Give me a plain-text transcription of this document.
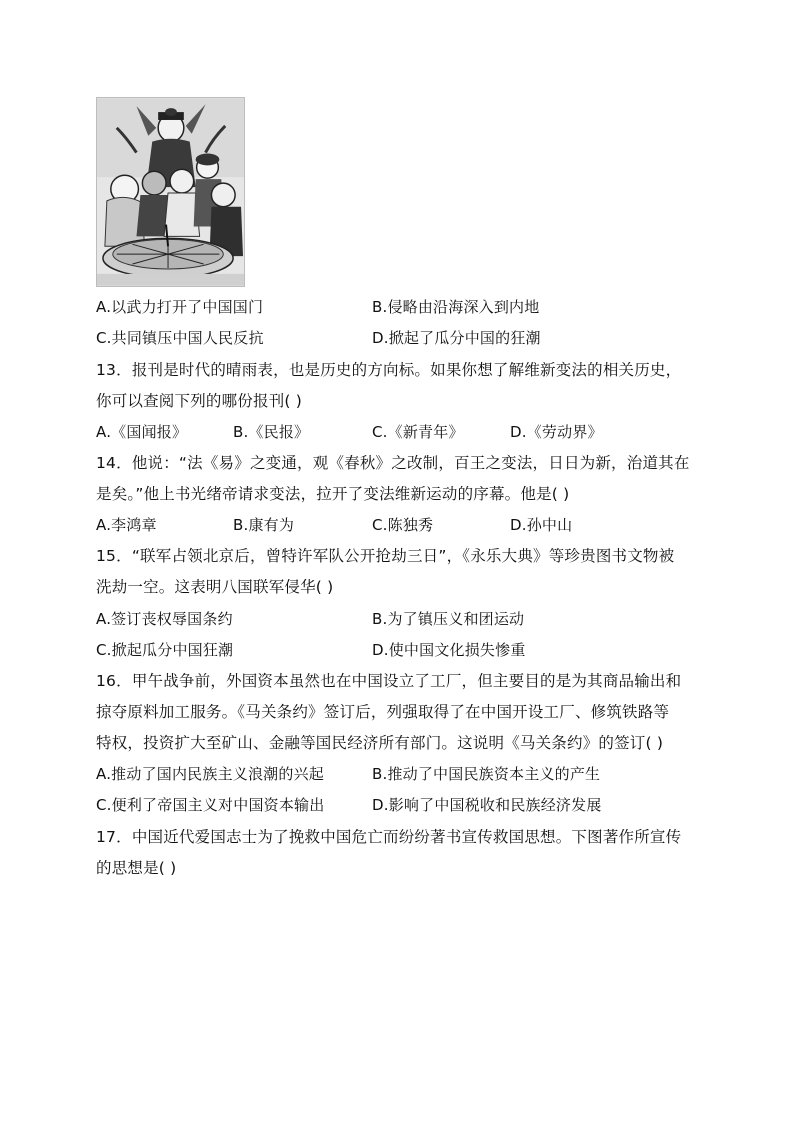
A.以武力打开了中国国门	B.侵略由沿海深入到内地
C.共同镇压中国人民反抗	D.掀起了瓜分中国的狂潮
13．报刊是时代的晴雨表，也是历史的方向标。如果你想了解维新变法的相关历史，
你可以查阅下列的哪份报刊( )
A.《国闻报》	B.《民报》	C.《新青年》	D.《劳动界》
14．他说：“法《易》之变通，观《春秋》之改制，百王之变法，日日为新，治道其在
是矣。”他上书光绪帝请求变法，拉开了变法维新运动的序幕。他是( )
A.李鸿章	B.康有为	C.陈独秀	D.孙中山
15．“联军占领北京后，曾特许军队公开抢劫三日”，《永乐大典》等珍贵图书文物被
洗劫一空。这表明八国联军侵华( )
A.签订丧权辱国条约	B.为了镇压义和团运动
C.掀起瓜分中国狂潮	D.使中国文化损失惨重
16．甲午战争前，外国资本虽然也在中国设立了工厂，但主要目的是为其商品输出和
掠夺原料加工服务。《马关条约》签订后，列强取得了在中国开设工厂、修筑铁路等
特权，投资扩大至矿山、金融等国民经济所有部门。这说明《马关条约》的签订( )
A.推动了国内民族主义浪潮的兴起	B.推动了中国民族资本主义的产生
C.便利了帝国主义对中国资本输出	D.影响了中国税收和民族经济发展
17．中国近代爱国志士为了挽救中国危亡而纷纷著书宣传救国思想。下图著作所宣传
的思想是( )
